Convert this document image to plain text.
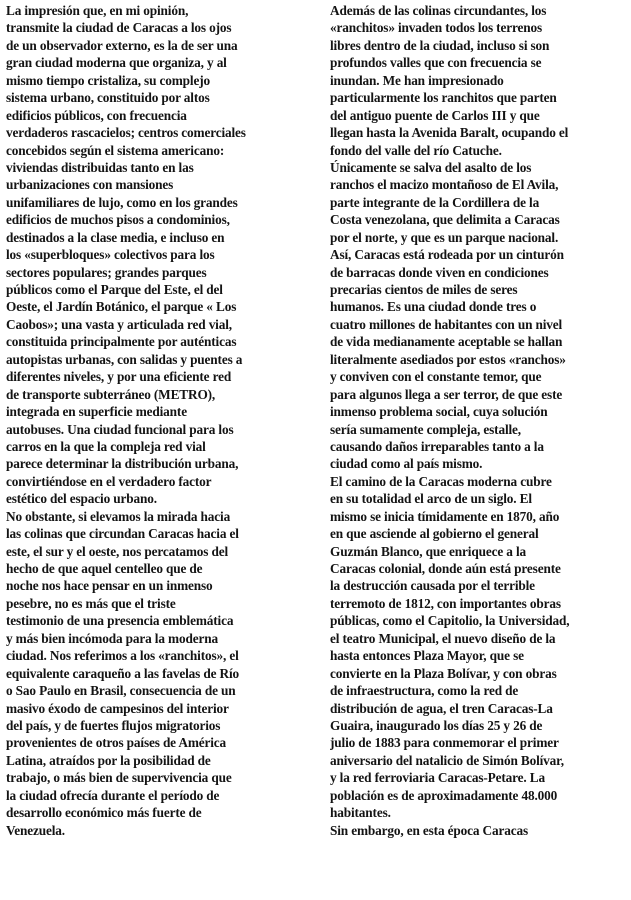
La impresión que, en mi opinión,
transmite la ciudad de Caracas a los ojos
de un observador externo, es la de ser una
gran ciudad moderna que organiza, y al
mismo tiempo cristaliza, su complejo
sistema urbano, constituido por altos
edificios públicos, con frecuencia
verdaderos rascacielos; centros comerciales
concebidos según el sistema americano:
viviendas distribuidas tanto en las
urbanizaciones con mansiones
unifamiliares de lujo, como en los grandes
edificios de muchos pisos a condominios,
destinados a la clase media, e incluso en
los «superbloques» colectivos para los
sectores populares; grandes parques
públicos como el Parque del Este, el del
Oeste, el Jardín Botánico, el parque « Los
Caobos»; una vasta y articulada red vial,
constituida principalmente por auténticas
autopistas urbanas, con salidas y puentes a
diferentes niveles, y por una eficiente red
de transporte subterráneo (METRO),
integrada en superficie mediante
autobuses. Una ciudad funcional para los
carros en la que la compleja red vial
parece determinar la distribución urbana,
convirtiéndose en el verdadero factor
estético del espacio urbano.
No obstante, si elevamos la mirada hacia
las colinas que circundan Caracas hacia el
este, el sur y el oeste, nos percatamos del
hecho de que aquel centelleo que de
noche nos hace pensar en un inmenso
pesebre, no es más que el triste
testimonio de una presencia emblemática
y más bien incómoda para la moderna
ciudad. Nos referimos a los «ranchitos», el
equivalente caraqueño a las favelas de Río
o Sao Paulo en Brasil, consecuencia de un
masivo éxodo de campesinos del interior
del país, y de fuertes flujos migratorios
provenientes de otros países de América
Latina, atraídos por la posibilidad de
trabajo, o más bien de supervivencia que
la ciudad ofrecía durante el período de
desarrollo económico más fuerte de
Venezuela.
Además de las colinas circundantes, los
«ranchitos» invaden todos los terrenos
libres dentro de la ciudad, incluso si son
profundos valles que con frecuencia se
inundan. Me han impresionado
particularmente los ranchitos que parten
del antiguo puente de Carlos III y que
llegan hasta la Avenida Baralt, ocupando el
fondo del valle del río Catuche.
Únicamente se salva del asalto de los
ranchos el macizo montañoso de El Avila,
parte integrante de la Cordillera de la
Costa venezolana, que delimita a Caracas
por el norte, y que es un parque nacional.
Así, Caracas está rodeada por un cinturón
de barracas donde viven en condiciones
precarias cientos de miles de seres
humanos. Es una ciudad donde tres o
cuatro millones de habitantes con un nivel
de vida medianamente aceptable se hallan
literalmente asediados por estos «ranchos»
y conviven con el constante temor, que
para algunos llega a ser terror, de que este
inmenso problema social, cuya solución
sería sumamente compleja, estalle,
causando daños irreparables tanto a la
ciudad como al país mismo.
El camino de la Caracas moderna cubre
en su totalidad el arco de un siglo. El
mismo se inicia tímidamente en 1870, año
en que asciende al gobierno el general
Guzmán Blanco, que enriquece a la
Caracas colonial, donde aún está presente
la destrucción causada por el terrible
terremoto de 1812, con importantes obras
públicas, como el Capitolio, la Universidad,
el teatro Municipal, el nuevo diseño de la
hasta entonces Plaza Mayor, que se
convierte en la Plaza Bolívar, y con obras
de infraestructura, como la red de
distribución de agua, el tren Caracas-La
Guaira, inaugurado los días 25 y 26 de
julio de 1883 para conmemorar el primer
aniversario del natalicio de Simón Bolívar,
y la red ferroviaria Caracas-Petare. La
población es de aproximadamente 48.000
habitantes.
Sin embargo, en esta época Caracas
